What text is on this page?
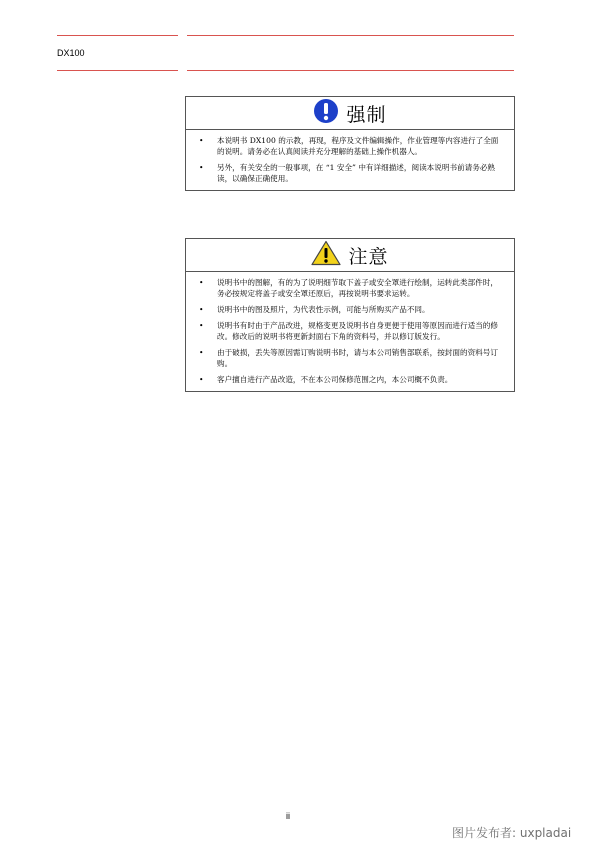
DX100
强制
• 本说明书 DX100 的示教，再现，程序及文件编辑操作，作业管理等内容进行了全面的说明。请务必在认真阅读并充分理解的基础上操作机器人。
• 另外，有关安全的一般事项，在 “1 安全” 中有详细描述，阅读本说明书前请务必熟读，以确保正确使用。
注意
• 说明书中的图解，有的为了说明细节取下盖子或安全罩进行绘制，运转此类部件时，务必按规定将盖子或安全罩还原后，再按说明书要求运转。
• 说明书中的图及照片，为代表性示例，可能与所购买产品不同。
• 说明书有时由于产品改进，规格变更及说明书自身更便于使用等原因而进行适当的修改。修改后的说明书将更新封面右下角的资料号，并以修订版发行。
• 由于破损，丢失等原因需订购说明书时，请与本公司销售部联系，按封面的资料号订购。
• 客户擅自进行产品改造，不在本公司保修范围之内，本公司概不负责。
ii
图片发布者: uxpladai
